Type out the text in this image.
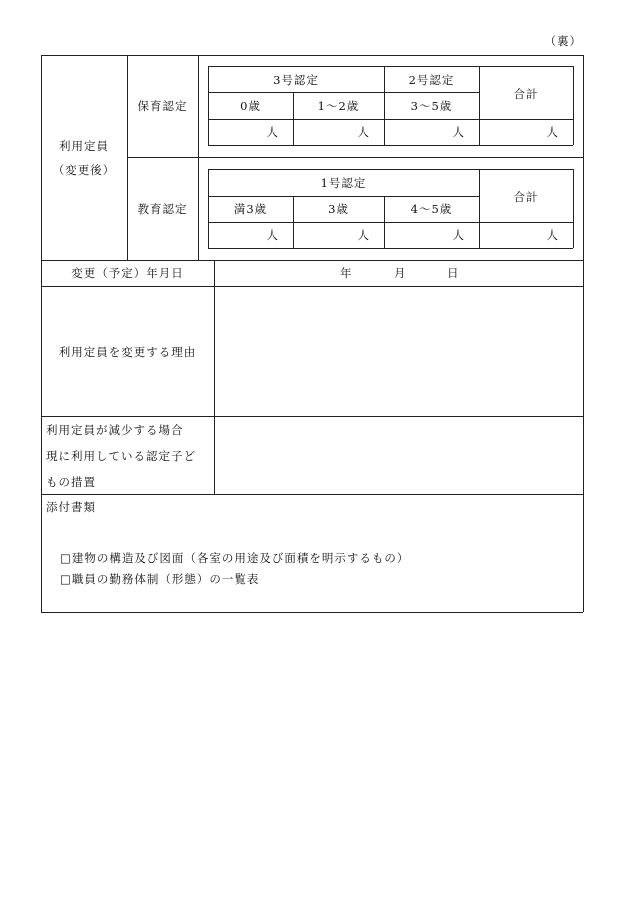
（裏）
利用定員
（変更後）
保育認定
3号認定	2号認定
合計
0歳	1～2歳	3～5歳
人	人	人	人
教育認定
1号認定
合計
満3歳	3歳	4～5歳
人	人	人	人
変更（予定）年月日	年	月	日
利用定員を変更する理由
利用定員が減少する場合
現に利用している認定子ど
もの措置
添付書類
□建物の構造及び図面（各室の用途及び面積を明示するもの）
□職員の勤務体制（形態）の一覧表
